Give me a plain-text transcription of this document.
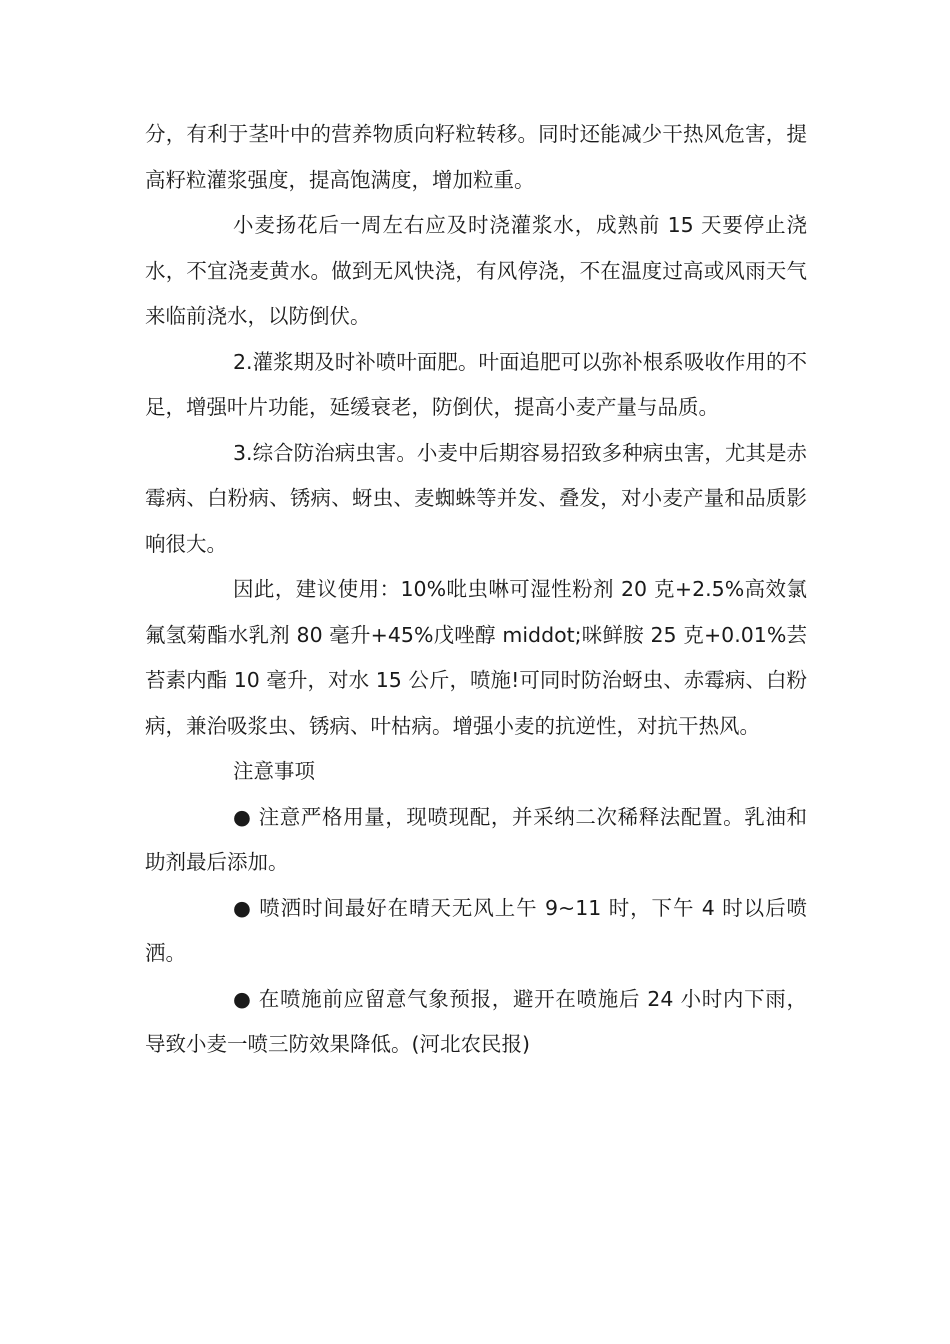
分，有利于茎叶中的营养物质向籽粒转移。同时还能减少干热风危害，提高籽粒灌浆强度，提高饱满度，增加粒重。

小麦扬花后一周左右应及时浇灌浆水，成熟前 15 天要停止浇水，不宜浇麦黄水。做到无风快浇，有风停浇，不在温度过高或风雨天气来临前浇水，以防倒伏。

2.灌浆期及时补喷叶面肥。叶面追肥可以弥补根系吸收作用的不足，增强叶片功能，延缓衰老，防倒伏，提高小麦产量与品质。

3.综合防治病虫害。小麦中后期容易招致多种病虫害，尤其是赤霉病、白粉病、锈病、蚜虫、麦蜘蛛等并发、叠发，对小麦产量和品质影响很大。

因此，建议使用：10%吡虫啉可湿性粉剂 20 克+2.5%高效氯氟氢菊酯水乳剂 80 毫升+45%戊唑醇 middot;咪鲜胺 25 克+0.01%芸苔素内酯 10 毫升，对水 15 公斤，喷施!可同时防治蚜虫、赤霉病、白粉病，兼治吸浆虫、锈病、叶枯病。增强小麦的抗逆性，对抗干热风。

注意事项

● 注意严格用量，现喷现配，并采纳二次稀释法配置。乳油和助剂最后添加。

● 喷洒时间最好在晴天无风上午 9~11 时，下午 4 时以后喷洒。

● 在喷施前应留意气象预报，避开在喷施后 24 小时内下雨，导致小麦一喷三防效果降低。(河北农民报)
